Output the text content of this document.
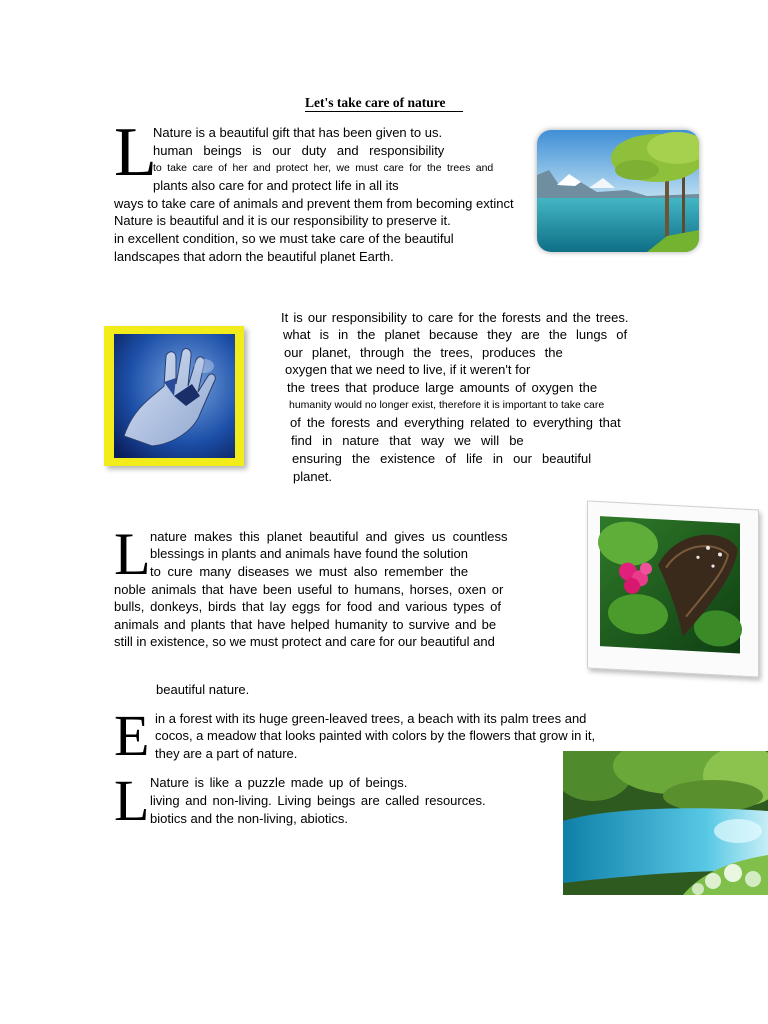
Let's take care of nature
L
Nature is a beautiful gift that has been given to us.
human beings is our duty and responsibility
to take care of her and protect her, we must care for the trees and
plants also care for and protect life in all its
ways to take care of animals and prevent them from becoming extinct
Nature is beautiful and it is our responsibility to preserve it.
in excellent condition, so we must take care of the beautiful
landscapes that adorn the beautiful planet Earth.
It is our responsibility to care for the forests and the trees.
what is in the planet because they are the lungs of
our planet, through the trees, produces the
oxygen that we need to live, if it weren't for
the trees that produce large amounts of oxygen the
humanity would no longer exist, therefore it is important to take care
of the forests and everything related to everything that
find in nature that way we will be
ensuring the existence of life in our beautiful
planet.
L nature makes this planet beautiful and gives us countless
blessings in plants and animals have found the solution
to cure many diseases we must also remember the
noble animals that have been useful to humans, horses, oxen or
bulls, donkeys, birds that lay eggs for food and various types of
animals and plants that have helped humanity to survive and be
still in existence, so we must protect and care for our beautiful and
beautiful nature.
E in a forest with its huge green-leaved trees, a beach with its palm trees and
cocos, a meadow that looks painted with colors by the flowers that grow in it,
they are a part of nature.
L Nature is like a puzzle made up of beings.
living and non-living. Living beings are called resources.
biotics and the non-living, abiotics.
